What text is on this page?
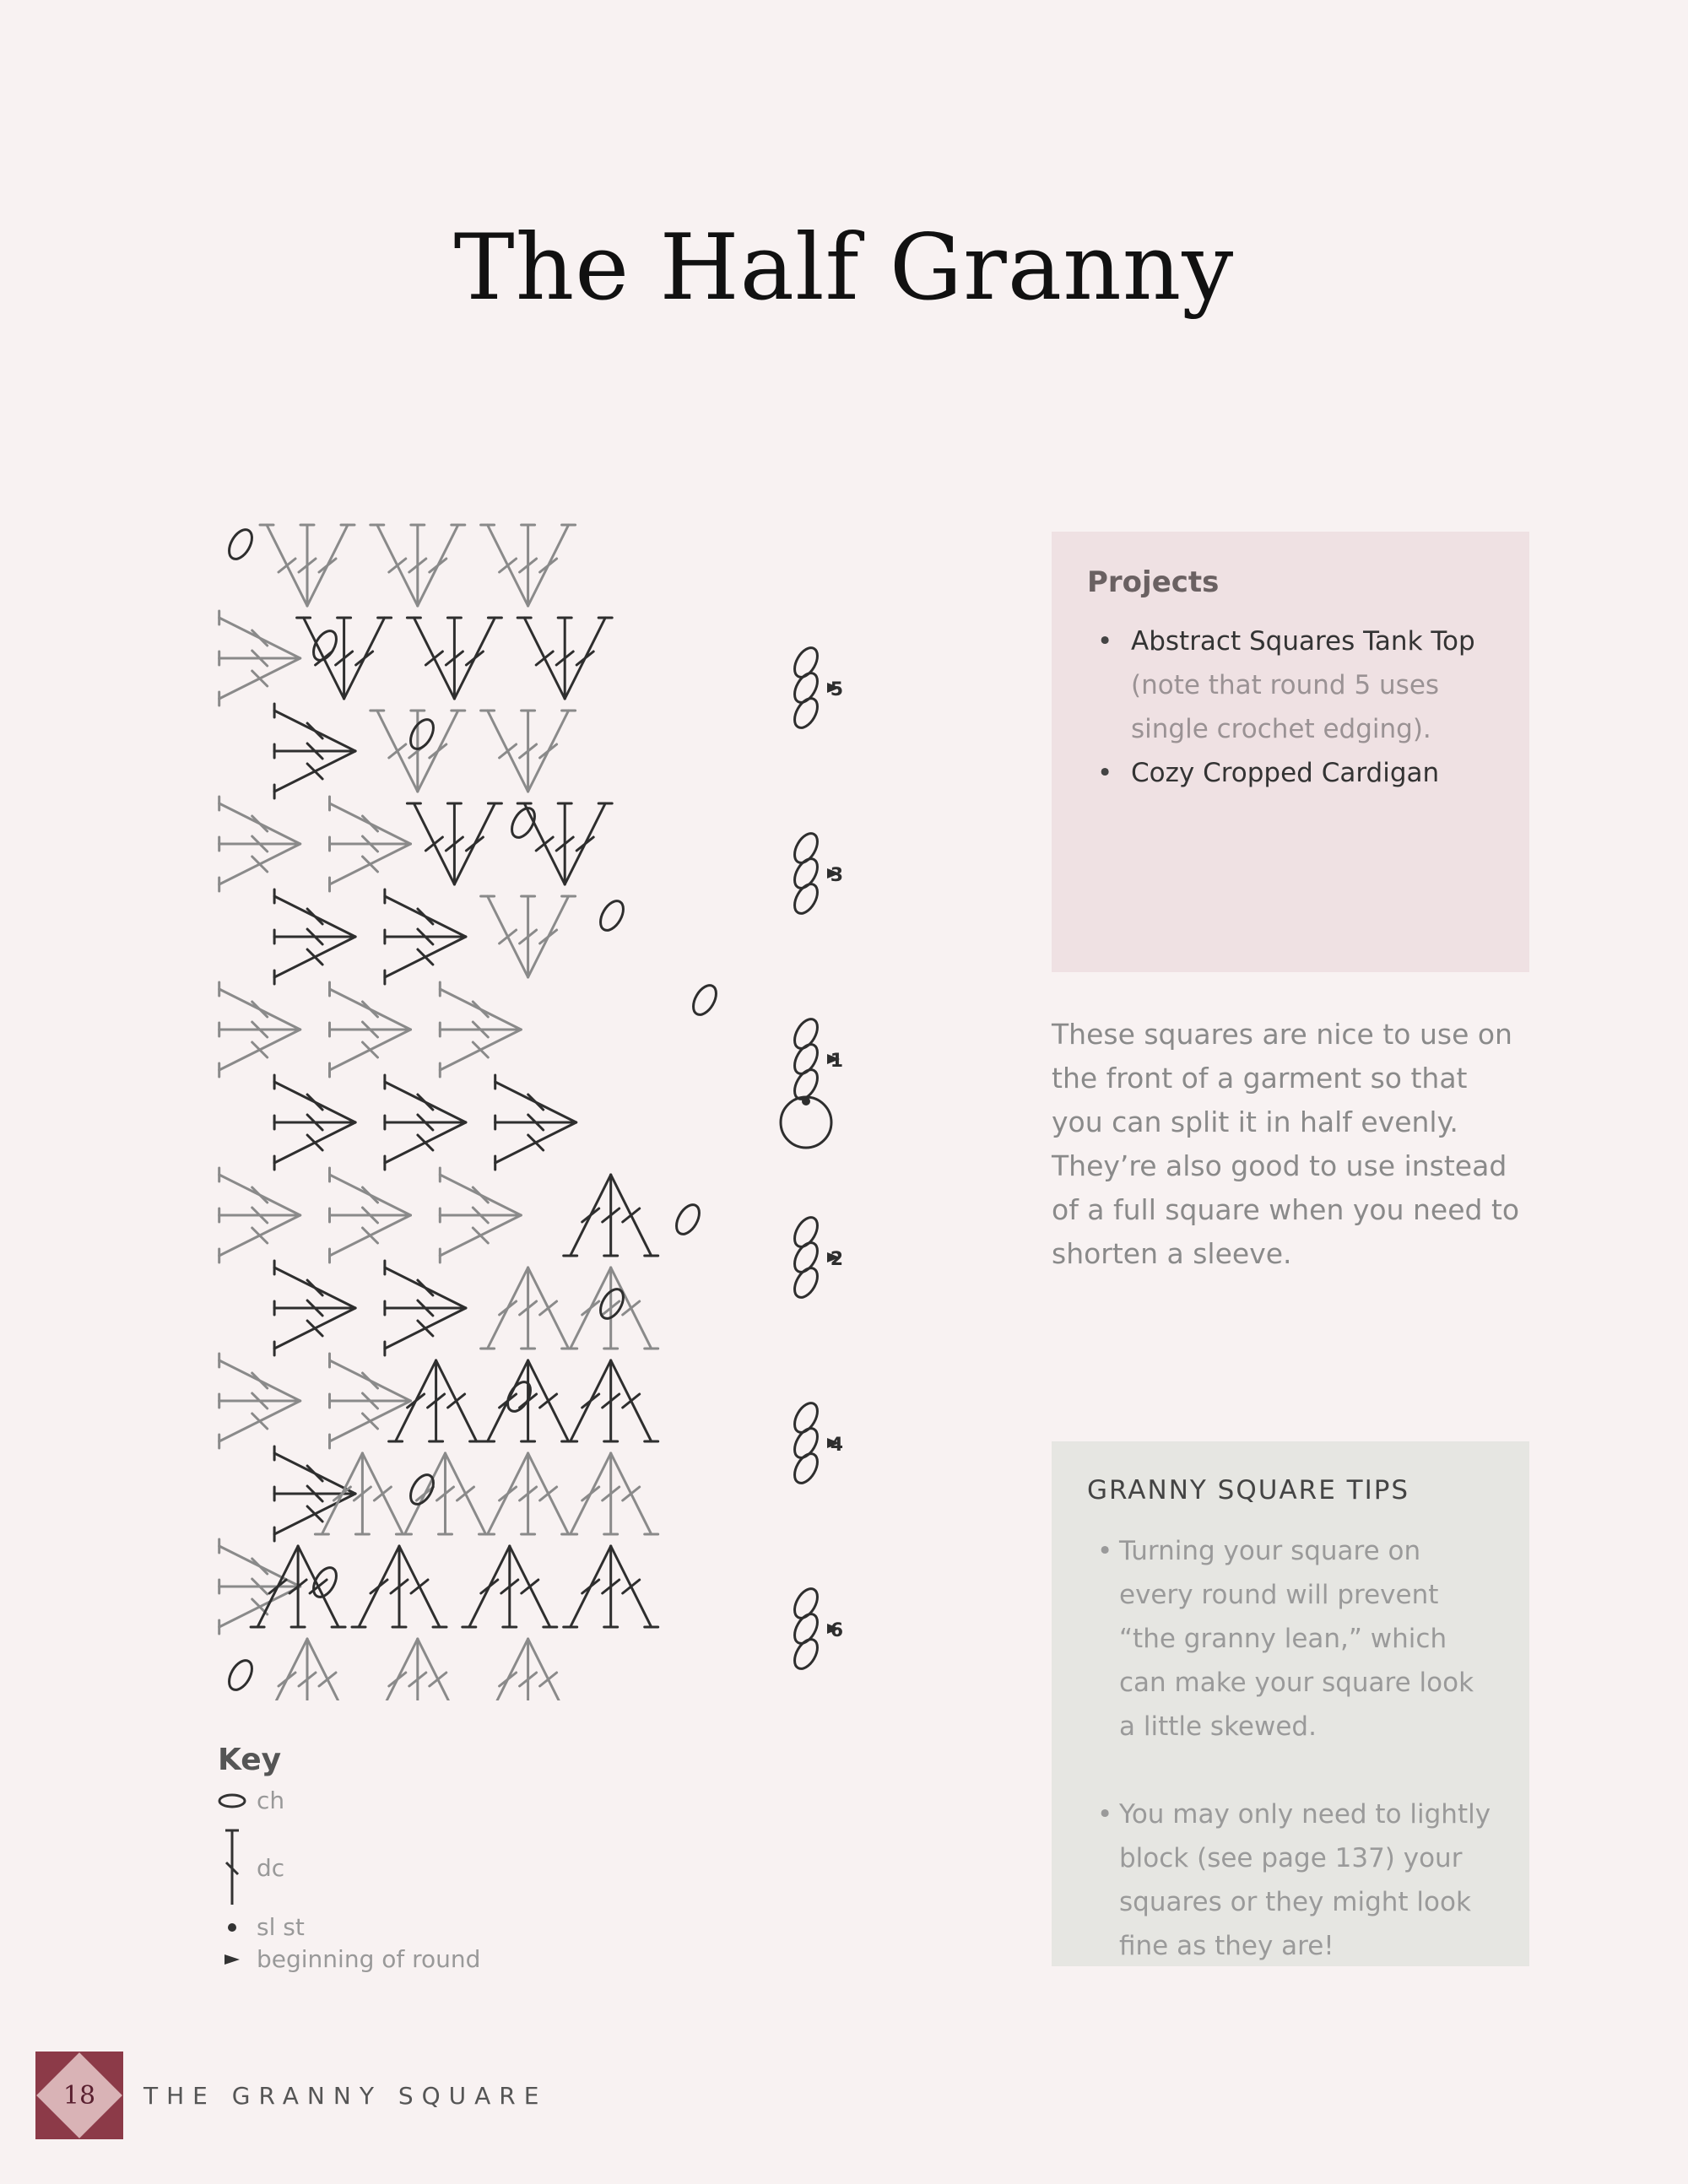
The Half Granny
5
3
1
2
4
6
Key
ch
dc
sl st
beginning of round
Projects
• Abstract Squares Tank Top
(note that round 5 uses single crochet edging).
• Cozy Cropped Cardigan
These squares are nice to use on the front of a garment so that you can split it in half evenly. They’re also good to use instead of a full square when you need to shorten a sleeve.
GRANNY SQUARE TIPS
• Turning your square on every round will prevent “the granny lean,” which can make your square look a little skewed.
• You may only need to lightly block (see page 137) your squares or they might look fine as they are!
18	THE GRANNY SQUARE
